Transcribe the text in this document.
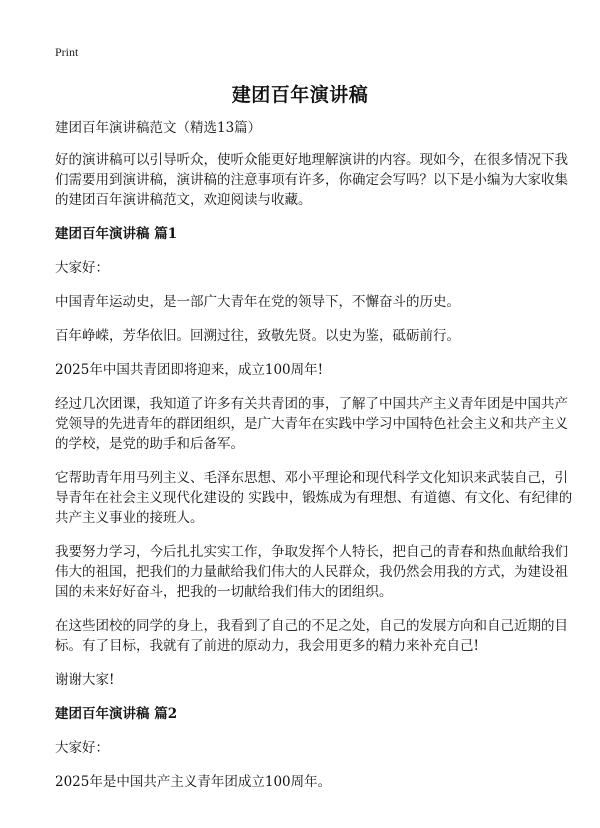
Print
建团百年演讲稿
建团百年演讲稿范文（精选13篇）

好的演讲稿可以引导听众，使听众能更好地理解演讲的内容。现如今，在很多情况下我们需要用到演讲稿，演讲稿的注意事项有许多，你确定会写吗？以下是小编为大家收集的建团百年演讲稿范文，欢迎阅读与收藏。

建团百年演讲稿 篇1

大家好：

中国青年运动史，是一部广大青年在党的领导下，不懈奋斗的历史。

百年峥嵘，芳华依旧。回溯过往，致敬先贤。以史为鉴，砥砺前行。

2025年中国共青团即将迎来，成立100周年!

经过几次团课，我知道了许多有关共青团的事，了解了中国共产主义青年团是中国共产党领导的先进青年的群团组织，是广大青年在实践中学习中国特色社会主义和共产主义的学校，是党的助手和后备军。

它帮助青年用马列主义、毛泽东思想、邓小平理论和现代科学文化知识来武装自己，引导青年在社会主义现代化建设的 实践中，锻炼成为有理想、有道德、有文化、有纪律的共产主义事业的接班人。

我要努力学习，今后扎扎实实工作，争取发挥个人特长，把自己的青春和热血献给我们伟大的祖国，把我们的力量献给我们伟大的人民群众，我仍然会用我的方式，为建设祖国的未来好好奋斗，把我的一切献给我们伟大的团组织。

在这些团校的同学的身上，我看到了自己的不足之处，自己的发展方向和自己近期的目标。有了目标，我就有了前进的原动力，我会用更多的精力来补充自己!

谢谢大家!

建团百年演讲稿 篇2

大家好：

2025年是中国共产主义青年团成立100周年。
